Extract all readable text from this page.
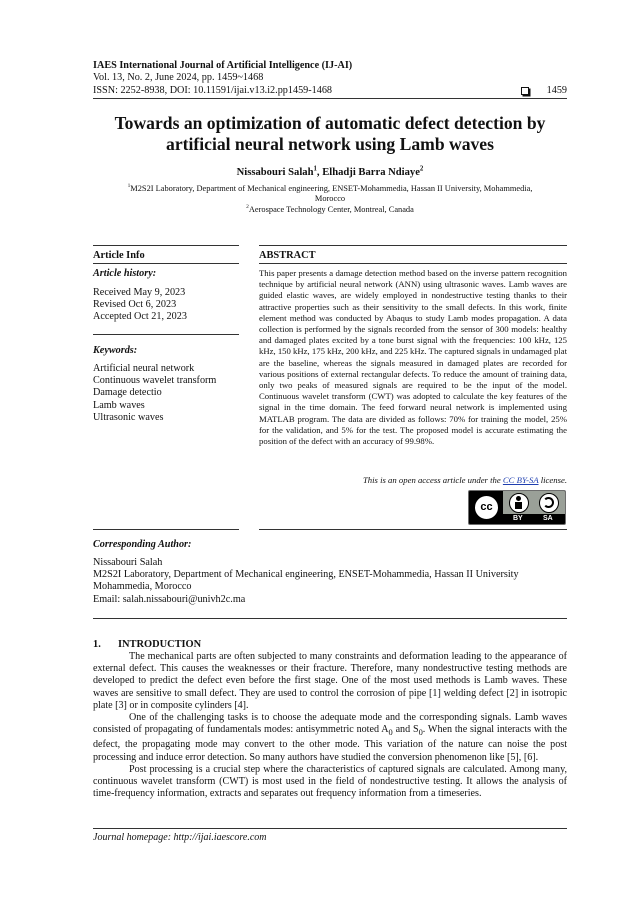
IAES International Journal of Artificial Intelligence (IJ-AI)
Vol. 13, No. 2, June 2024, pp. 1459~1468
ISSN: 2252-8938, DOI: 10.11591/ijai.v13.i2.pp1459-1468	1459
Towards an optimization of automatic defect detection by
artificial neural network using Lamb waves
Nissabouri Salah$^1$, Elhadji Barra Ndiaye$^2$
$^1$M2S2I Laboratory, Department of Mechanical engineering, ENSET-Mohammedia, Hassan II University, Mohammedia,
Morocco
$^2$Aerospace Technology Center, Montreal, Canada
Article Info	ABSTRACT
Article history:
Received May 9, 2023
Revised Oct 6, 2023
Accepted Oct 21, 2023
Keywords:
Artificial neural network
Continuous wavelet transform
Damage detectio
Lamb waves
Ultrasonic waves

This paper presents a damage detection method based on the inverse pattern recognition technique by artificial neural network (ANN) using ultrasonic waves. Lamb waves are guided elastic waves, are widely employed in nondestructive testing thanks to their attractive properties such as their sensitivity to the small defects. In this work, finite element method was conducted by Abaqus to study Lamb modes propagation. A data collection is performed by the signals recorded from the sensor of 300 models: healthy and damaged plates excited by a tone burst signal with the frequencies: 100 kHz, 125 kHz, 150 kHz, 175 kHz, 200 kHz, and 225 kHz. The captured signals in undamaged plat are the baseline, whereas the signals measured in damaged plates are recorded for various positions of external rectangular defects. To reduce the amount of training data, only two peaks of measured signals are required to be the input of the model. Continuous wavelet transform (CWT) was adopted to calculate the key features of the signal in the time domain. The feed forward neural network is implemented using MATLAB program. The data are divided as follows: 70% for training the model, 25% for the validation, and 5% for the test. The proposed model is accurate estimating the position of the defect with an accuracy of 99.98%.

This is an open access article under the CC BY-SA license.
cc
BY	SA
Corresponding Author:
Nissabouri Salah
M2S2I Laboratory, Department of Mechanical engineering, ENSET-Mohammedia, Hassan II University
Mohammedia, Morocco
Email: salah.nissabouri@univh2c.ma
1. INTRODUCTION

The mechanical parts are often subjected to many constraints and deformation leading to the appearance of external defect. This causes the weaknesses or their fracture. Therefore, many nondestructive testing methods are developed to predict the defect even before the first stage. One of the most used methods is Lamb waves. These waves are sensitive to small defect. They are used to control the corrosion of pipe [1] welding defect [2] in isotropic plate [3] or in composite cylinders [4].

One of the challenging tasks is to choose the adequate mode and the corresponding signals. Lamb waves consisted of propagating of fundamentals modes: antisymmetric noted $A_0$ and $S_0$. When the signal interacts with the defect, the propagating mode may convert to the other mode. This variation of the nature can noise the post processing and induce error detection. So many authors have studied the conversion phenomenon like [5], [6].

Post processing is a crucial step where the characteristics of captured signals are calculated. Among many, continuous wavelet transform (CWT) is most used in the field of nondestructive testing. It allows the analysis of time-frequency information, extracts and separates out frequency information from a timeseries.

Journal homepage: http://ijai.iaescore.com
